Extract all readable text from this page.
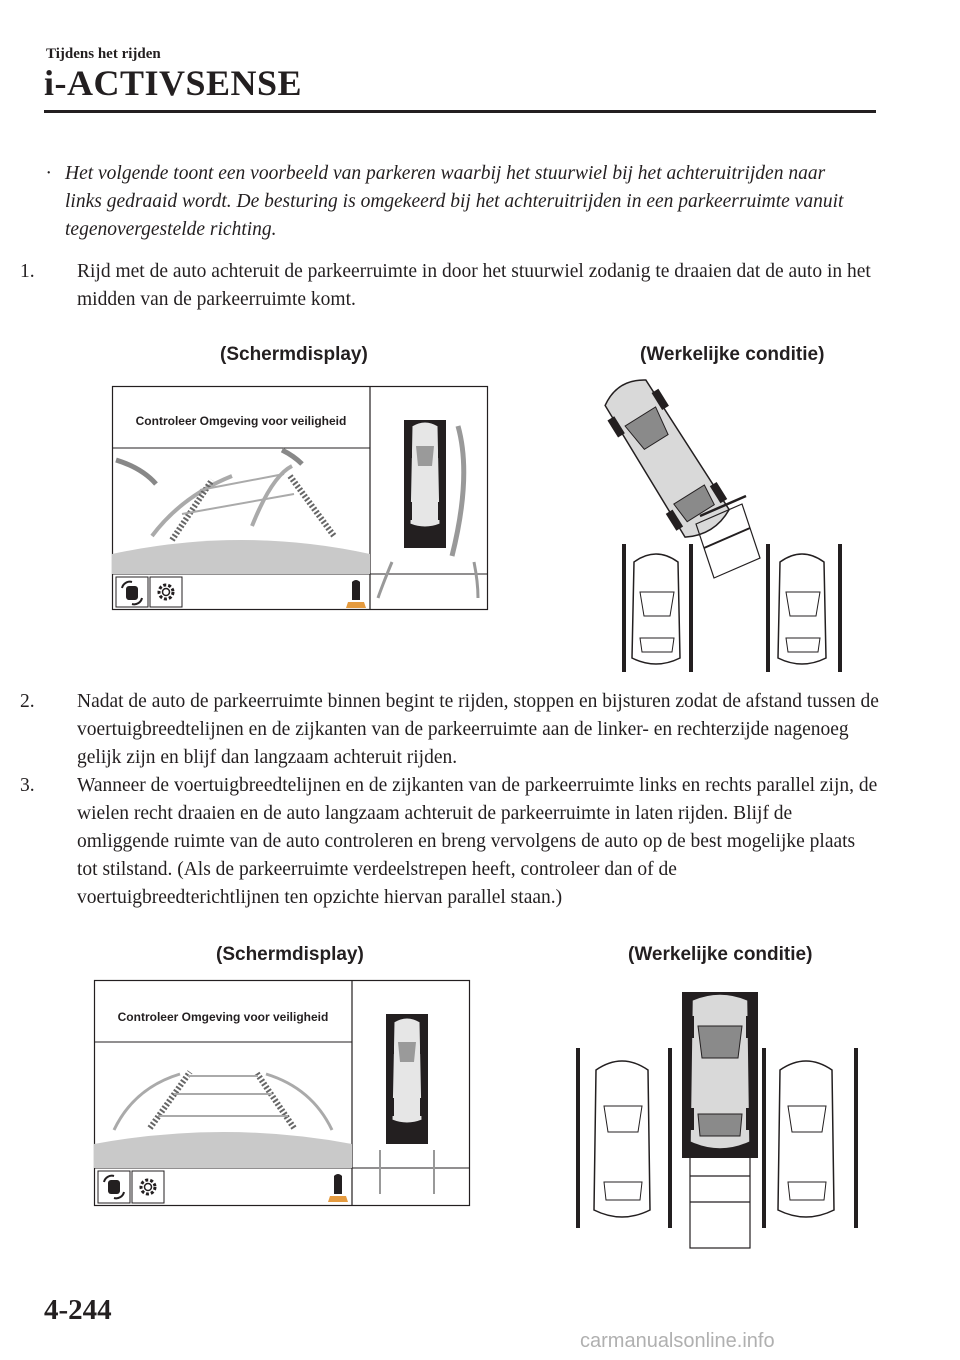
Tijdens het rijden
i-ACTIVSENSE
· Het volgende toont een voorbeeld van parkeren waarbij het stuurwiel bij het achteruitrijden naar links gedraaid wordt. De besturing is omgekeerd bij het achteruitrijden in een parkeerruimte vanuit tegenovergestelde richting.
1. Rijd met de auto achteruit de parkeerruimte in door het stuurwiel zodanig te draaien dat de auto in het midden van de parkeerruimte komt.
(Schermdisplay)	(Werkelijke conditie)
Controleer Omgeving voor veiligheid
2. Nadat de auto de parkeerruimte binnen begint te rijden, stoppen en bijsturen zodat de afstand tussen de voertuigbreedtelijnen en de zijkanten van de parkeerruimte aan de linker- en rechterzijde nagenoeg gelijk zijn en blijf dan langzaam achteruit rijden.
3. Wanneer de voertuigbreedtelijnen en de zijkanten van de parkeerruimte links en rechts parallel zijn, de wielen recht draaien en de auto langzaam achteruit de parkeerruimte in laten rijden. Blijf de omliggende ruimte van de auto controleren en breng vervolgens de auto op de best mogelijke plaats tot stilstand. (Als de parkeerruimte verdeelstrepen heeft, controleer dan of de voertuigbreedterichtlijnen ten opzichte hiervan parallel staan.)
(Schermdisplay)	(Werkelijke conditie)
Controleer Omgeving voor veiligheid
4-244
carmanualsonline.info
